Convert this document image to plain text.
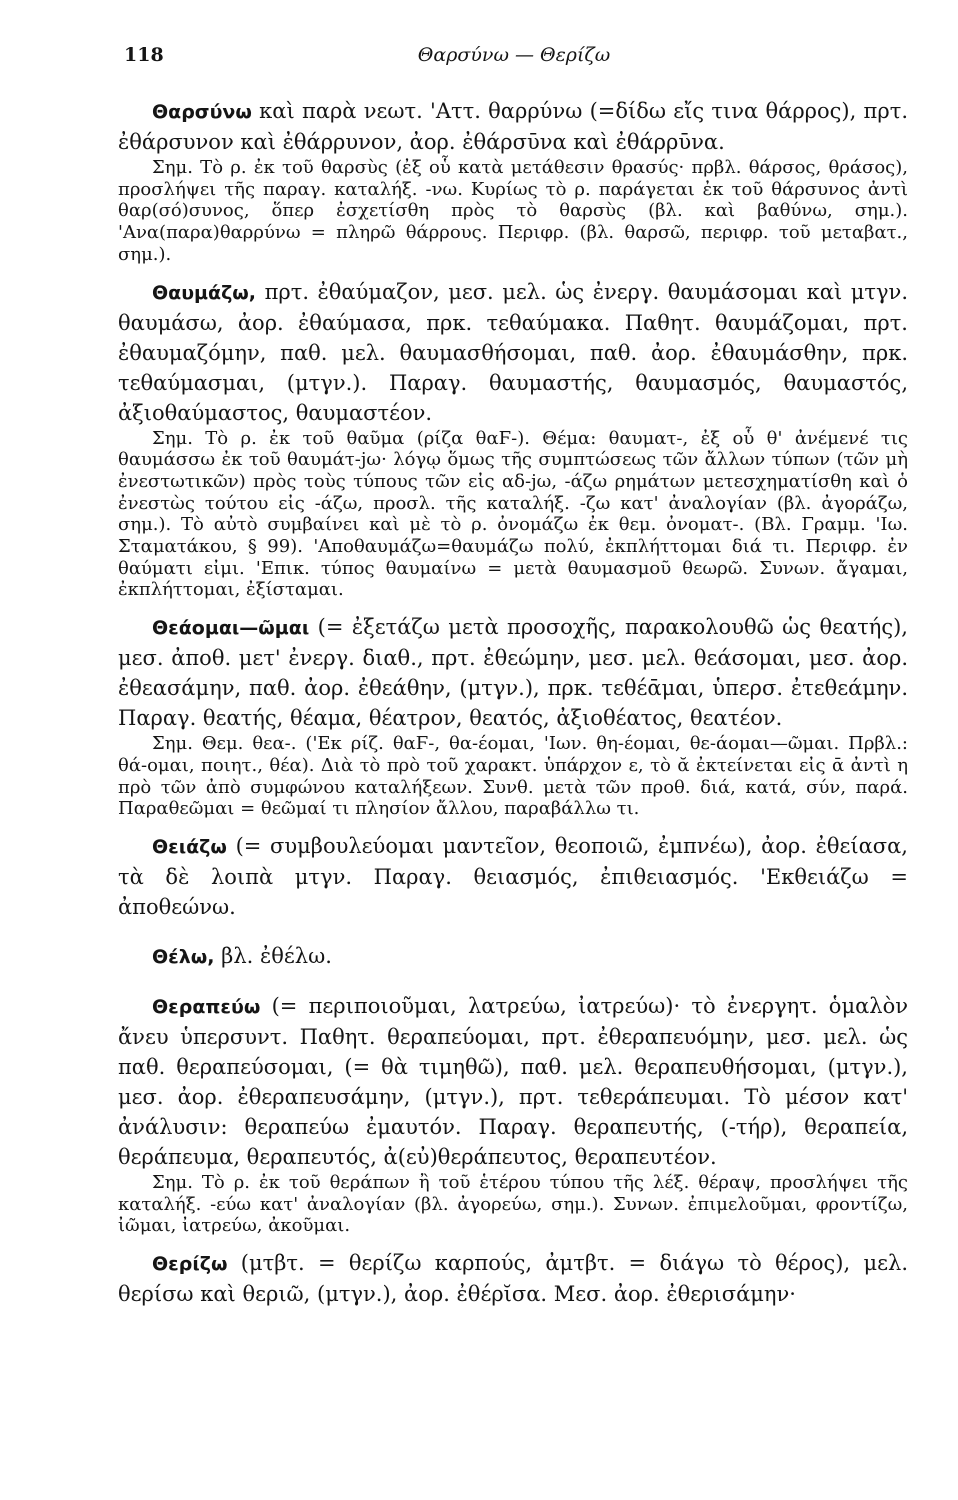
118	Θαρσύνω — Θερίζω

Θαρσύνω καὶ παρὰ νεωτ. 'Αττ. θαρρύνω (=δίδω εἴς τινα θάρρος), πρτ. ἐθάρσυνον καὶ ἐθάρρυνον, ἀορ. ἐθάρσῡνα καὶ ἐθάρρῡνα.

Σημ. Τὸ ρ. ἐκ τοῦ θαρσὺς (ἐξ οὗ κατὰ μετάθεσιν θρασύς· πρβλ. θάρσος, θράσος), προσλήψει τῆς παραγ. καταλήξ. -νω. Κυρίως τὸ ρ. παράγεται ἐκ τοῦ θάρσυνος ἀντὶ θαρ(σό)συνος, ὅπερ ἐσχετίσθη πρὸς τὸ θαρσὺς (βλ. καὶ βαθύνω, σημ.). 'Ανα(παρα)θαρρύνω = πληρῶ θάρρους. Περιφρ. (βλ. θαρσῶ, περιφρ. τοῦ μεταβατ., σημ.).

Θαυμάζω, πρτ. ἐθαύμαζον, μεσ. μελ. ὡς ἐνεργ. θαυμάσομαι καὶ μτγν. θαυμάσω, ἀορ. ἐθαύμασα, πρκ. τεθαύμακα. Παθητ. θαυμάζομαι, πρτ. ἐθαυμαζόμην, παθ. μελ. θαυμασθήσομαι, παθ. ἀορ. ἐθαυμάσθην, πρκ. τεθαύμασμαι, (μτγν.). Παραγ. θαυμαστής, θαυμασμός, θαυμαστός, ἀξιοθαύμαστος, θαυμαστέον.

Σημ. Τὸ ρ. ἐκ τοῦ θαῦμα (ρίζα θαϜ-). Θέμα: θαυματ-, ἐξ οὗ θ' ἀνέμενέ τις θαυμάσσω ἐκ τοῦ θαυμάτ-jω· λόγῳ ὅμως τῆς συμπτώσεως τῶν ἄλλων τύπων (τῶν μὴ ἐνεστωτικῶν) πρὸς τοὺς τύπους τῶν εἰς αδ-jω, -άζω ρημάτων μετεσχηματίσθη καὶ ὁ ἐνεστὼς τούτου εἰς -άζω, προσλ. τῆς καταλήξ. -ζω κατ' ἀναλογίαν (βλ. ἀγοράζω, σημ.). Τὸ αὐτὸ συμβαίνει καὶ μὲ τὸ ρ. ὀνομάζω ἐκ θεμ. ὀνοματ-. (Βλ. Γραμμ. 'Ιω. Σταματάκου, § 99). 'Αποθαυμάζω=θαυμάζω πολύ, ἐκπλήττομαι διά τι. Περιφρ. ἐν θαύματι εἰμι. 'Επικ. τύπος θαυμαίνω = μετὰ θαυμασμοῦ θεωρῶ. Συνων. ἄγαμαι, ἐκπλήττομαι, ἐξίσταμαι.

Θεάομαι—ῶμαι (= ἐξετάζω μετὰ προσοχῆς, παρακολουθῶ ὡς θεατής), μεσ. ἀποθ. μετ' ἐνεργ. διαθ., πρτ. ἐθεώμην, μεσ. μελ. θεάσομαι, μεσ. ἀορ. ἐθεασάμην, παθ. ἀορ. ἐθεάθην, (μτγν.), πρκ. τεθέᾱμαι, ὑπερσ. ἐτεθεάμην. Παραγ. θεατής, θέαμα, θέατρον, θεατός, ἀξιοθέατος, θεατέον.

Σημ. Θεμ. θεα-. ('Εκ ρίζ. θαϜ-, θα-έομαι, 'Ιων. θη-έομαι, θε-άομαι—ῶμαι. Πρβλ.: θά-ομαι, ποιητ., θέα). Διὰ τὸ πρὸ τοῦ χαρακτ. ὑπάρχον ε, τὸ ᾰ ἐκτείνεται εἰς ᾱ ἀντὶ η πρὸ τῶν ἀπὸ συμφώνου καταλήξεων. Συνθ. μετὰ τῶν προθ. διά, κατά, σύν, παρά. Παραθεῶμαι = θεῶμαί τι πλησίον ἄλλου, παραβάλλω τι.

Θειάζω (= συμβουλεύομαι μαντεῖον, θεοποιῶ, ἐμπνέω), ἀορ. ἐθείασα, τὰ δὲ λοιπὰ μτγν. Παραγ. θειασμός, ἐπιθειασμός. 'Εκθειάζω = ἀποθεώνω.

Θέλω, βλ. ἐθέλω.

Θεραπεύω (= περιποιοῦμαι, λατρεύω, ἰατρεύω)· τὸ ἐνεργητ. ὁμαλὸν ἄνευ ὑπερσυντ. Παθητ. θεραπεύομαι, πρτ. ἐθεραπευόμην, μεσ. μελ. ὡς παθ. θεραπεύσομαι, (= θὰ τιμηθῶ), παθ. μελ. θεραπευθήσομαι, (μτγν.), μεσ. ἀορ. ἐθεραπευσάμην, (μτγν.), πρτ. τεθεράπευμαι. Τὸ μέσον κατ' ἀνάλυσιν: θεραπεύω ἐμαυτόν. Παραγ. θεραπευτής, (-τήρ), θεραπεία, θεράπευμα, θεραπευτός, ἀ(εὐ)θεράπευτος, θεραπευτέον.

Σημ. Τὸ ρ. ἐκ τοῦ θεράπων ἢ τοῦ ἑτέρου τύπου τῆς λέξ. θέραψ, προσλήψει τῆς καταλήξ. -εύω κατ' ἀναλογίαν (βλ. ἀγορεύω, σημ.). Συνων. ἐπιμελοῦμαι, φροντίζω, ἰῶμαι, ἰατρεύω, ἀκοῦμαι.

Θερίζω (μτβτ. = θερίζω καρπούς, ἀμτβτ. = διάγω τὸ θέρος), μελ. θερίσω καὶ θεριῶ, (μτγν.), ἀορ. ἐθέρῐσα. Μεσ. ἀορ. ἐθερισάμην·
